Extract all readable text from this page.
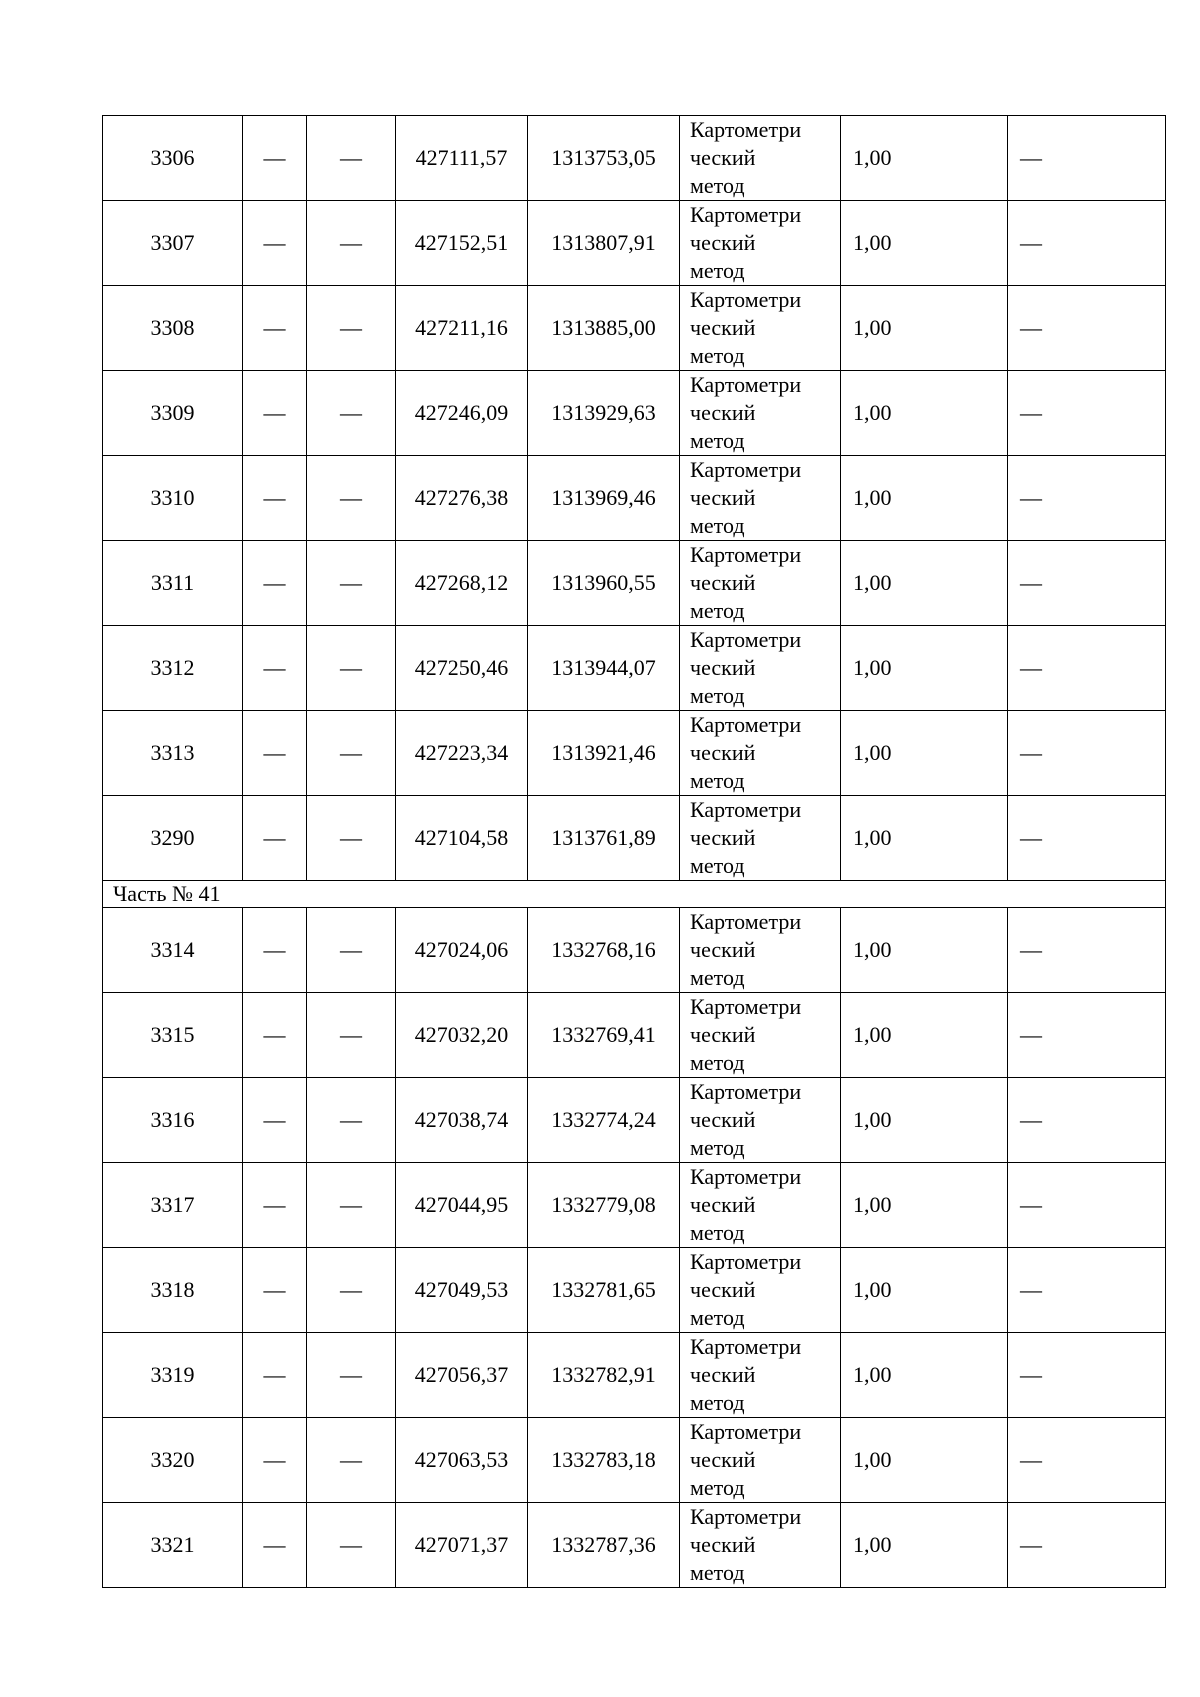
3306	—	—	427111,57	1313753,05	Картометри
ческий
метод	1,00	—
3307	—	—	427152,51	1313807,91	Картометри
ческий
метод	1,00	—
3308	—	—	427211,16	1313885,00	Картометри
ческий
метод	1,00	—
3309	—	—	427246,09	1313929,63	Картометри
ческий
метод	1,00	—
3310	—	—	427276,38	1313969,46	Картометри
ческий
метод	1,00	—
3311	—	—	427268,12	1313960,55	Картометри
ческий
метод	1,00	—
3312	—	—	427250,46	1313944,07	Картометри
ческий
метод	1,00	—
3313	—	—	427223,34	1313921,46	Картометри
ческий
метод	1,00	—
3290	—	—	427104,58	1313761,89	Картометри
ческий
метод	1,00	—
Часть № 41							
3314	—	—	427024,06	1332768,16	Картометри
ческий
метод	1,00	—
3315	—	—	427032,20	1332769,41	Картометри
ческий
метод	1,00	—
3316	—	—	427038,74	1332774,24	Картометри
ческий
метод	1,00	—
3317	—	—	427044,95	1332779,08	Картометри
ческий
метод	1,00	—
3318	—	—	427049,53	1332781,65	Картометри
ческий
метод	1,00	—
3319	—	—	427056,37	1332782,91	Картометри
ческий
метод	1,00	—
3320	—	—	427063,53	1332783,18	Картометри
ческий
метод	1,00	—
3321	—	—	427071,37	1332787,36	Картометри
ческий
метод	1,00	—
